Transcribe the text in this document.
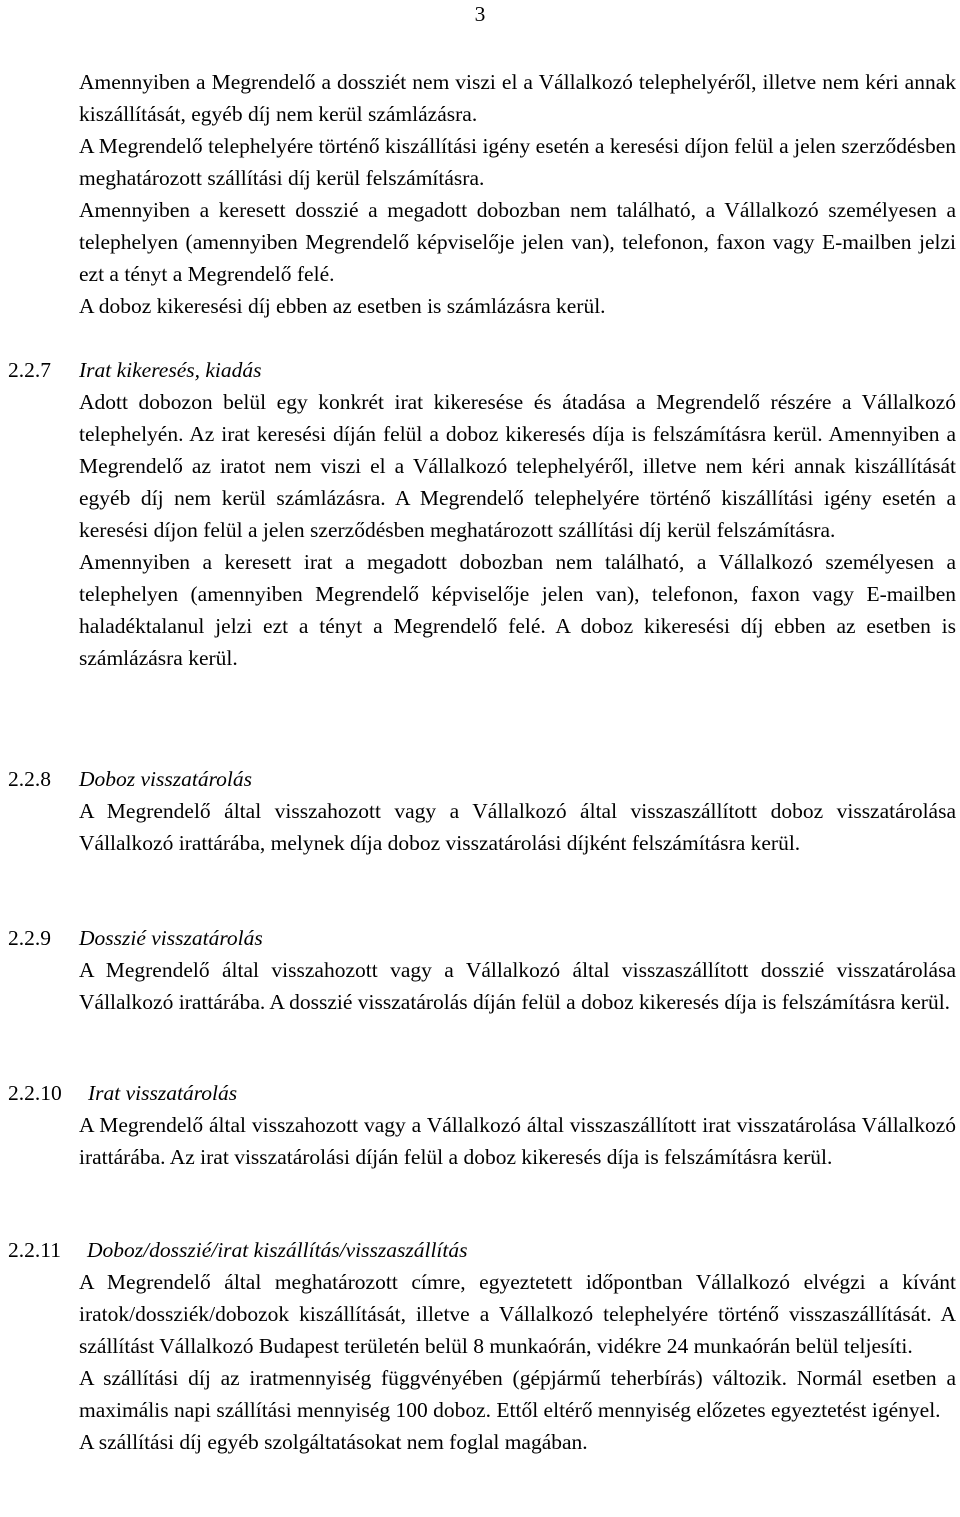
3

Amennyiben a Megrendelő a dossziét nem viszi el a Vállalkozó telephelyéről, illetve nem kéri annak kiszállítását, egyéb díj nem kerül számlázásra.

A Megrendelő telephelyére történő kiszállítási igény esetén a keresési díjon felül a jelen szerződésben meghatározott szállítási díj kerül felszámításra.

Amennyiben a keresett dosszié a megadott dobozban nem található, a Vállalkozó személyesen a telephelyen (amennyiben Megrendelő képviselője jelen van), telefonon, faxon vagy E-mailben jelzi ezt a tényt a Megrendelő felé.

A doboz kikeresési díj ebben az esetben is számlázásra kerül.

2.2.7 Irat kikeresés, kiadás

Adott dobozon belül egy konkrét irat kikeresése és átadása a Megrendelő részére a Vállalkozó telephelyén. Az irat keresési díján felül a doboz kikeresés díja is felszámításra kerül. Amennyiben a Megrendelő az iratot nem viszi el a Vállalkozó telephelyéről, illetve nem kéri annak kiszállítását egyéb díj nem kerül számlázásra. A Megrendelő telephelyére történő kiszállítási igény esetén a keresési díjon felül a jelen szerződésben meghatározott szállítási díj kerül felszámításra.

Amennyiben a keresett irat a megadott dobozban nem található, a Vállalkozó személyesen a telephelyen (amennyiben Megrendelő képviselője jelen van), telefonon, faxon vagy E-mailben haladéktalanul jelzi ezt a tényt a Megrendelő felé. A doboz kikeresési díj ebben az esetben is számlázásra kerül.

2.2.8 Doboz visszatárolás

A Megrendelő által visszahozott vagy a Vállalkozó által visszaszállított doboz visszatárolása Vállalkozó irattárába, melynek díja doboz visszatárolási díjként felszámításra kerül.

2.2.9 Dosszié visszatárolás

A Megrendelő által visszahozott vagy a Vállalkozó által visszaszállított dosszié visszatárolása Vállalkozó irattárába. A dosszié visszatárolás díján felül a doboz kikeresés díja is felszámításra kerül.

2.2.10 Irat visszatárolás

A Megrendelő által visszahozott vagy a Vállalkozó által visszaszállított irat visszatárolása Vállalkozó irattárába. Az irat visszatárolási díján felül a doboz kikeresés díja is felszámításra kerül.

2.2.11 Doboz/dosszié/irat kiszállítás/visszaszállítás

A Megrendelő által meghatározott címre, egyeztetett időpontban Vállalkozó elvégzi a kívánt iratok/dossziék/dobozok kiszállítását, illetve a Vállalkozó telephelyére történő visszaszállítását. A szállítást Vállalkozó Budapest területén belül 8 munkaórán, vidékre 24 munkaórán belül teljesíti.

A szállítási díj az iratmennyiség függvényében (gépjármű teherbírás) változik. Normál esetben a maximális napi szállítási mennyiség 100 doboz. Ettől eltérő mennyiség előzetes egyeztetést igényel.

A szállítási díj egyéb szolgáltatásokat nem foglal magában.
